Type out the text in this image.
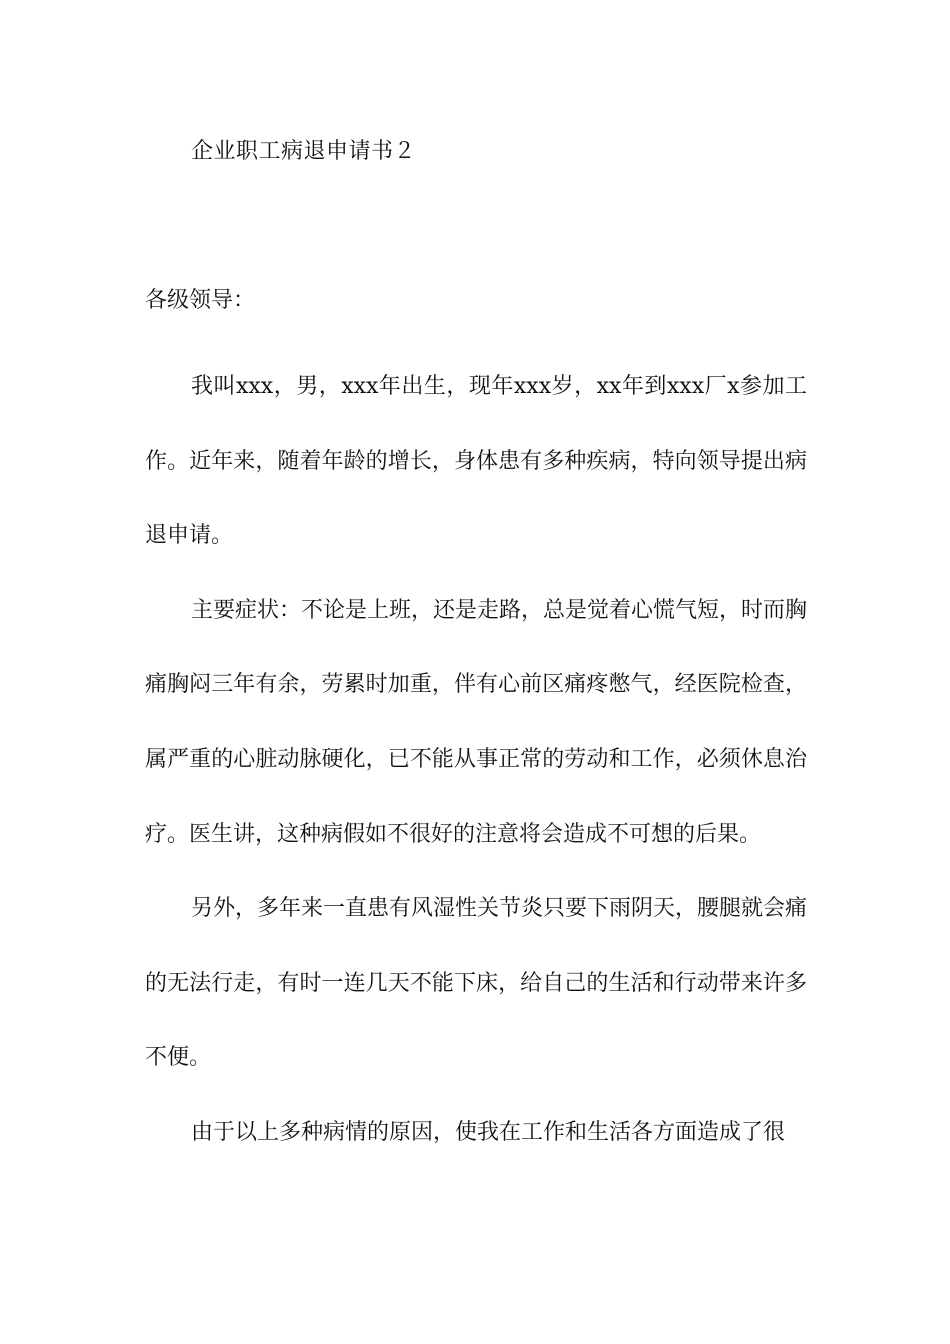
企业职工病退申请书２
各级领导：

我叫xxx，男，xxx年出生，现年xxx岁，xx年到xxx厂x参加工作。近年来，随着年龄的增长，身体患有多种疾病，特向领导提出病退申请。

主要症状：不论是上班，还是走路，总是觉着心慌气短，时而胸痛胸闷三年有余，劳累时加重，伴有心前区痛疼憋气，经医院检查，属严重的心脏动脉硬化，已不能从事正常的劳动和工作，必须休息治疗。医生讲，这种病假如不很好的注意将会造成不可想的后果。

另外，多年来一直患有风湿性关节炎只要下雨阴天，腰腿就会痛的无法行走，有时一连几天不能下床，给自己的生活和行动带来许多不便。

由于以上多种病情的原因，使我在工作和生活各方面造成了很
